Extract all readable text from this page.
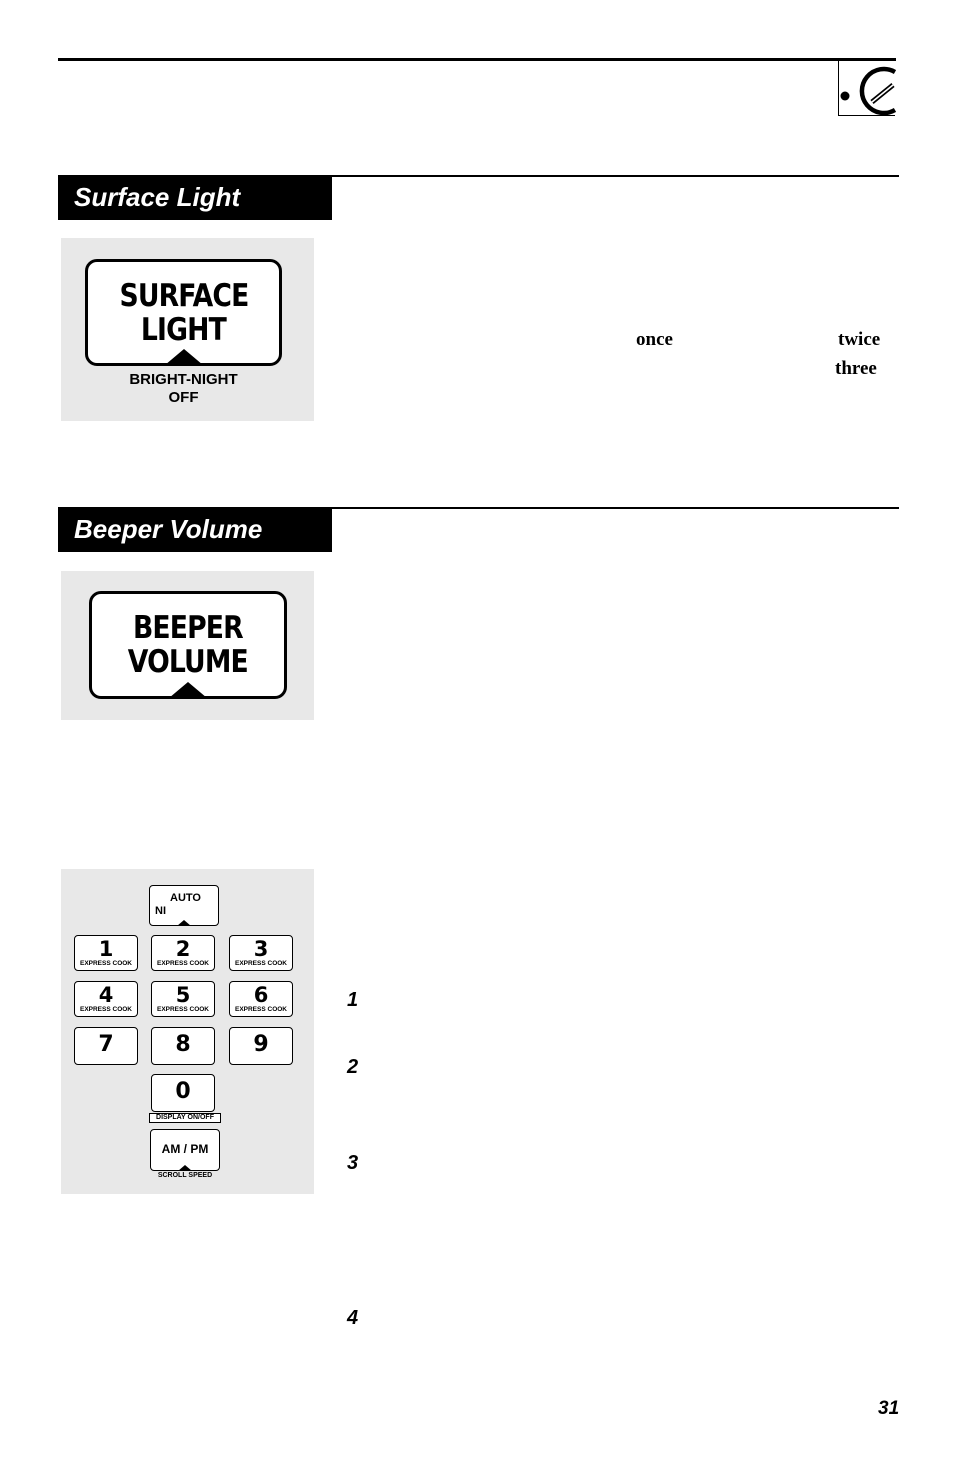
Surface Light
SURFACE
LIGHT
BRIGHT-NIGHT
OFF
once	twice
three
Beeper Volume
BEEPER
VOLUME
AUTO
NI
1
EXPRESS COOK
2
EXPRESS COOK
3
EXPRESS COOK
4
EXPRESS COOK
5
EXPRESS COOK
6
EXPRESS COOK
7	8	9
0
DISPLAY ON/OFF
AM / PM
SCROLL SPEED
1
2
3
4
31
